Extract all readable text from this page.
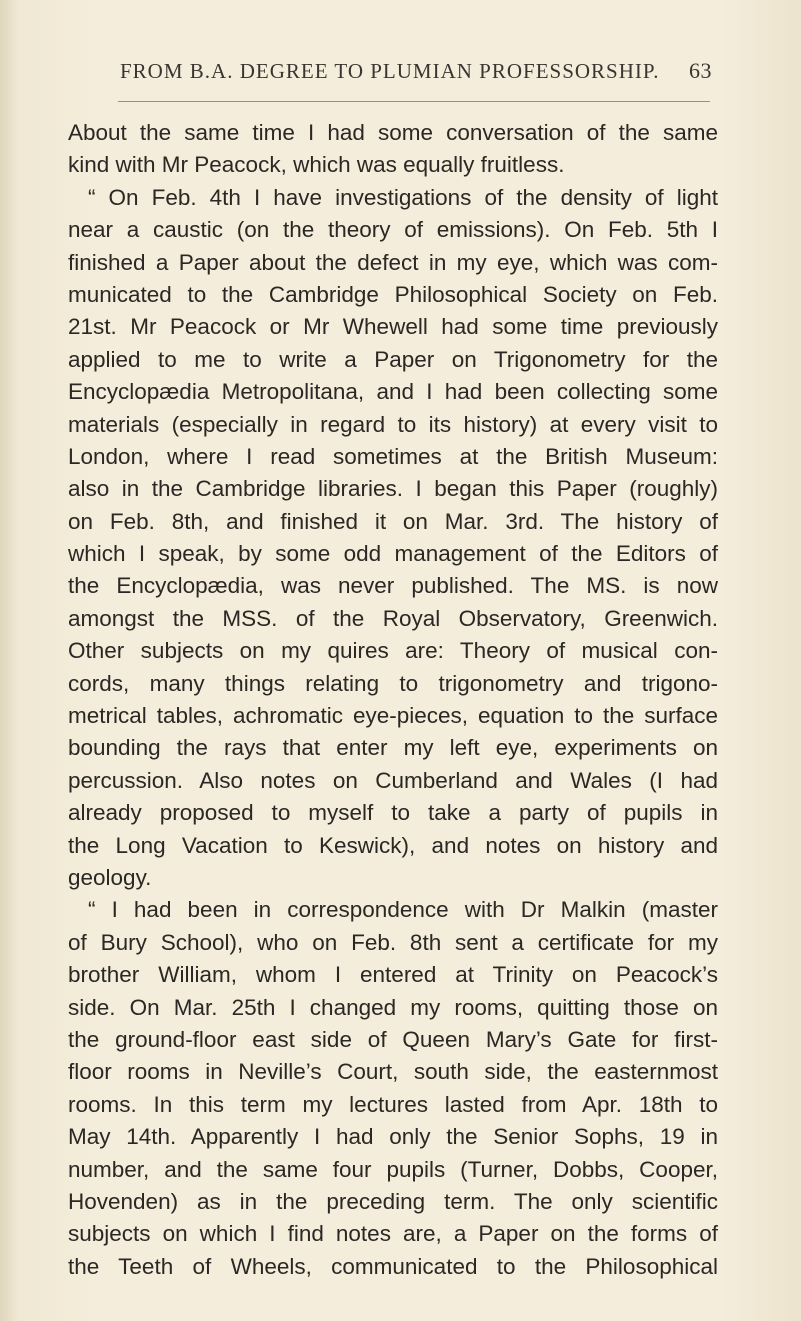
FROM B.A. DEGREE TO PLUMIAN PROFESSORSHIP. 63
About the same time I had some conversation of the same
kind with Mr Peacock, which was equally fruitless.
“ On Feb. 4th I have investigations of the density of light
near a caustic (on the theory of emissions). On Feb. 5th I
finished a Paper about the defect in my eye, which was com-
municated to the Cambridge Philosophical Society on Feb.
21st. Mr Peacock or Mr Whewell had some time previously
applied to me to write a Paper on Trigonometry for the
Encyclopædia Metropolitana, and I had been collecting some
materials (especially in regard to its history) at every visit to
London, where I read sometimes at the British Museum:
also in the Cambridge libraries. I began this Paper (roughly)
on Feb. 8th, and finished it on Mar. 3rd. The history of
which I speak, by some odd management of the Editors of
the Encyclopædia, was never published. The MS. is now
amongst the MSS. of the Royal Observatory, Greenwich.
Other subjects on my quires are: Theory of musical con-
cords, many things relating to trigonometry and trigono-
metrical tables, achromatic eye-pieces, equation to the surface
bounding the rays that enter my left eye, experiments on
percussion. Also notes on Cumberland and Wales (I had
already proposed to myself to take a party of pupils in
the Long Vacation to Keswick), and notes on history and
geology.
“ I had been in correspondence with Dr Malkin (master
of Bury School), who on Feb. 8th sent a certificate for my
brother William, whom I entered at Trinity on Peacock’s
side. On Mar. 25th I changed my rooms, quitting those on
the ground-floor east side of Queen Mary’s Gate for first-
floor rooms in Neville’s Court, south side, the easternmost
rooms. In this term my lectures lasted from Apr. 18th to
May 14th. Apparently I had only the Senior Sophs, 19 in
number, and the same four pupils (Turner, Dobbs, Cooper,
Hovenden) as in the preceding term. The only scientific
subjects on which I find notes are, a Paper on the forms of
the Teeth of Wheels, communicated to the Philosophical
